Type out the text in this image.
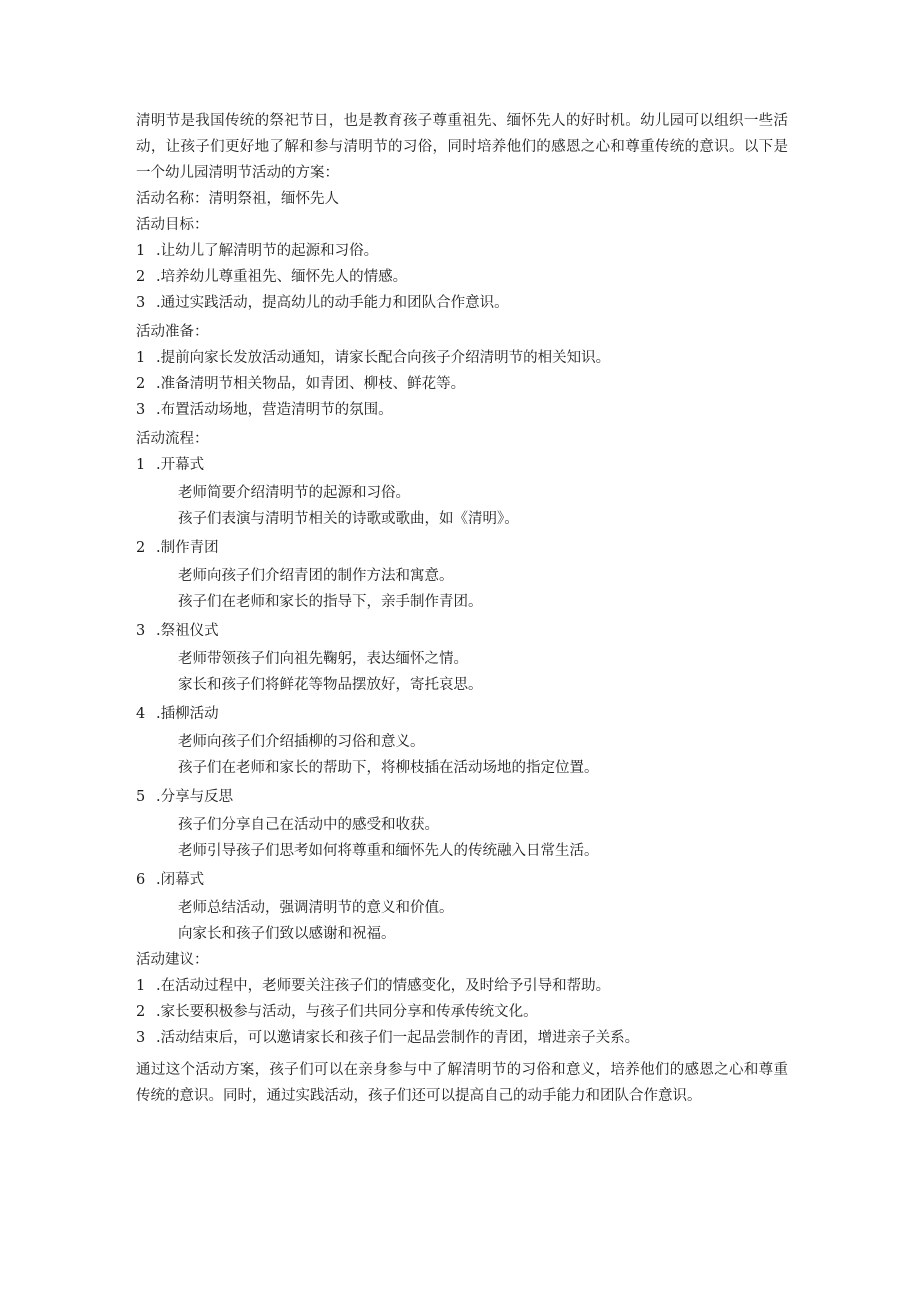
清明节是我国传统的祭祀节日，也是教育孩子尊重祖先、缅怀先人的好时机。幼儿园可以组织一些活动，让孩子们更好地了解和参与清明节的习俗，同时培养他们的感恩之心和尊重传统的意识。以下是一个幼儿园清明节活动的方案：

活动名称：清明祭祖，缅怀先人
活动目标：
1 .让幼儿了解清明节的起源和习俗。
2 .培养幼儿尊重祖先、缅怀先人的情感。
3 .通过实践活动，提高幼儿的动手能力和团队合作意识。
活动准备：
1 .提前向家长发放活动通知，请家长配合向孩子介绍清明节的相关知识。
2 .准备清明节相关物品，如青团、柳枝、鲜花等。
3 .布置活动场地，营造清明节的氛围。
活动流程：
1 .开幕式
老师简要介绍清明节的起源和习俗。
孩子们表演与清明节相关的诗歌或歌曲，如《清明》。
2 .制作青团
老师向孩子们介绍青团的制作方法和寓意。
孩子们在老师和家长的指导下，亲手制作青团。
3 .祭祖仪式
老师带领孩子们向祖先鞠躬，表达缅怀之情。
家长和孩子们将鲜花等物品摆放好，寄托哀思。
4 .插柳活动
老师向孩子们介绍插柳的习俗和意义。
孩子们在老师和家长的帮助下，将柳枝插在活动场地的指定位置。
5 .分享与反思
孩子们分享自己在活动中的感受和收获。
老师引导孩子们思考如何将尊重和缅怀先人的传统融入日常生活。
6 .闭幕式
老师总结活动，强调清明节的意义和价值。
向家长和孩子们致以感谢和祝福。
活动建议：
1 .在活动过程中，老师要关注孩子们的情感变化，及时给予引导和帮助。
2 .家长要积极参与活动，与孩子们共同分享和传承传统文化。
3 .活动结束后，可以邀请家长和孩子们一起品尝制作的青团，增进亲子关系。

通过这个活动方案，孩子们可以在亲身参与中了解清明节的习俗和意义，培养他们的感恩之心和尊重传统的意识。同时，通过实践活动，孩子们还可以提高自己的动手能力和团队合作意识。
